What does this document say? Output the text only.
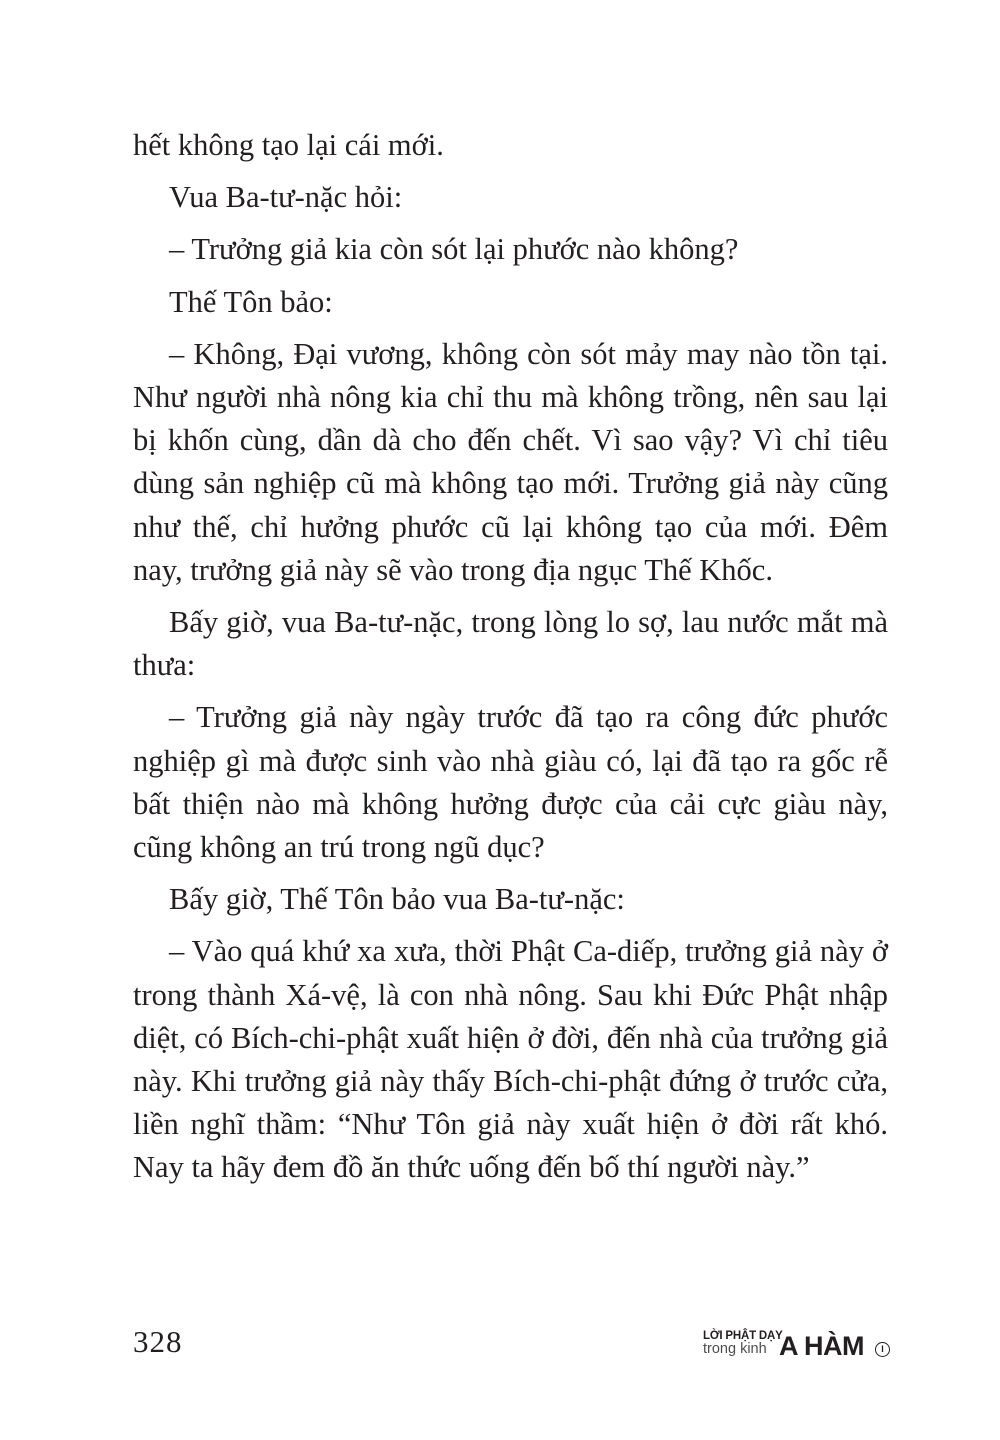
hết không tạo lại cái mới.

Vua Ba-tư-nặc hỏi:

– Trưởng giả kia còn sót lại phước nào không?

Thế Tôn bảo:

– Không, Đại vương, không còn sót mảy may nào tồn tại. Như người nhà nông kia chỉ thu mà không trồng, nên sau lại bị khốn cùng, dần dà cho đến chết. Vì sao vậy? Vì chỉ tiêu dùng sản nghiệp cũ mà không tạo mới. Trưởng giả này cũng như thế, chỉ hưởng phước cũ lại không tạo của mới. Đêm nay, trưởng giả này sẽ vào trong địa ngục Thế Khốc.

Bấy giờ, vua Ba-tư-nặc, trong lòng lo sợ, lau nước mắt mà thưa:

– Trưởng giả này ngày trước đã tạo ra công đức phước nghiệp gì mà được sinh vào nhà giàu có, lại đã tạo ra gốc rễ bất thiện nào mà không hưởng được của cải cực giàu này, cũng không an trú trong ngũ dục?

Bấy giờ, Thế Tôn bảo vua Ba-tư-nặc:

– Vào quá khứ xa xưa, thời Phật Ca-diếp, trưởng giả này ở trong thành Xá-vệ, là con nhà nông. Sau khi Đức Phật nhập diệt, có Bích-chi-phật xuất hiện ở đời, đến nhà của trưởng giả này. Khi trưởng giả này thấy Bích-chi-phật đứng ở trước cửa, liền nghĩ thầm: “Như Tôn giả này xuất hiện ở đời rất khó. Nay ta hãy đem đồ ăn thức uống đến bố thí người này.”

328	LỜI PHẬT DẠY
trong kinh A HÀM	I
